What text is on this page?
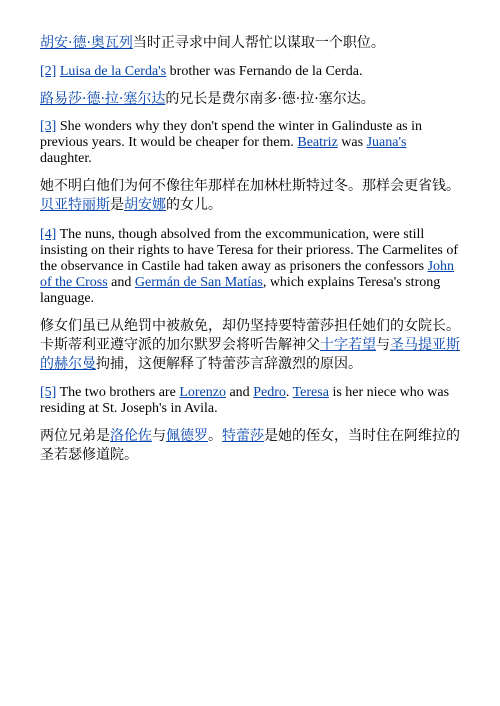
胡安·德·奥瓦列当时正寻求中间人帮忙以谋取一个职位。

[2] Luisa de la Cerda's brother was Fernando de la Cerda.

路易莎·德·拉·塞尔达的兄长是费尔南多·德·拉·塞尔达。

[3] She wonders why they don't spend the winter in Galinduste as in previous years. It would be cheaper for them. Beatriz was Juana's daughter.

她不明白他们为何不像往年那样在加林杜斯特过冬。那样会更省钱。贝亚特丽斯是胡安娜的女儿。

[4] The nuns, though absolved from the excommunication, were still insisting on their rights to have Teresa for their prioress. The Carmelites of the observance in Castile had taken away as prisoners the confessors John of the Cross and Germán de San Matías, which explains Teresa's strong language.

修女们虽已从绝罚中被赦免，却仍坚持要特蕾莎担任她们的女院长。卡斯蒂利亚遵守派的加尔默罗会将听告解神父十字若望与圣马提亚斯的赫尔曼拘捕，这便解释了特蕾莎言辞激烈的原因。

[5] The two brothers are Lorenzo and Pedro. Teresa is her niece who was residing at St. Joseph's in Avila.

两位兄弟是洛伦佐与佩德罗。特蕾莎是她的侄女，当时住在阿维拉的圣若瑟修道院。
